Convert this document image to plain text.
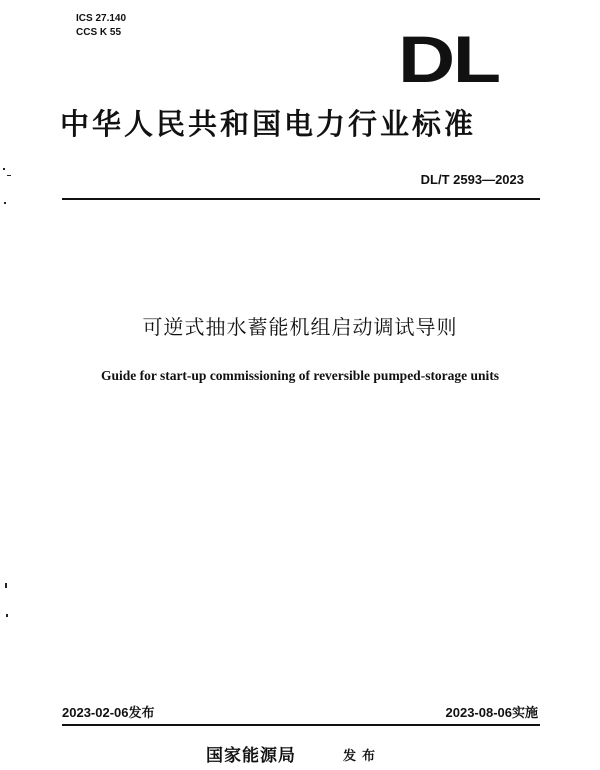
ICS 27.140
CCS K 55	DL
中华人民共和国电力行业标准
DL/T 2593—2023
可逆式抽水蓄能机组启动调试导则
Guide for start-up commissioning of reversible pumped-storage units
2023-02-06发布	2023-08-06实施
国家能源局	发布
